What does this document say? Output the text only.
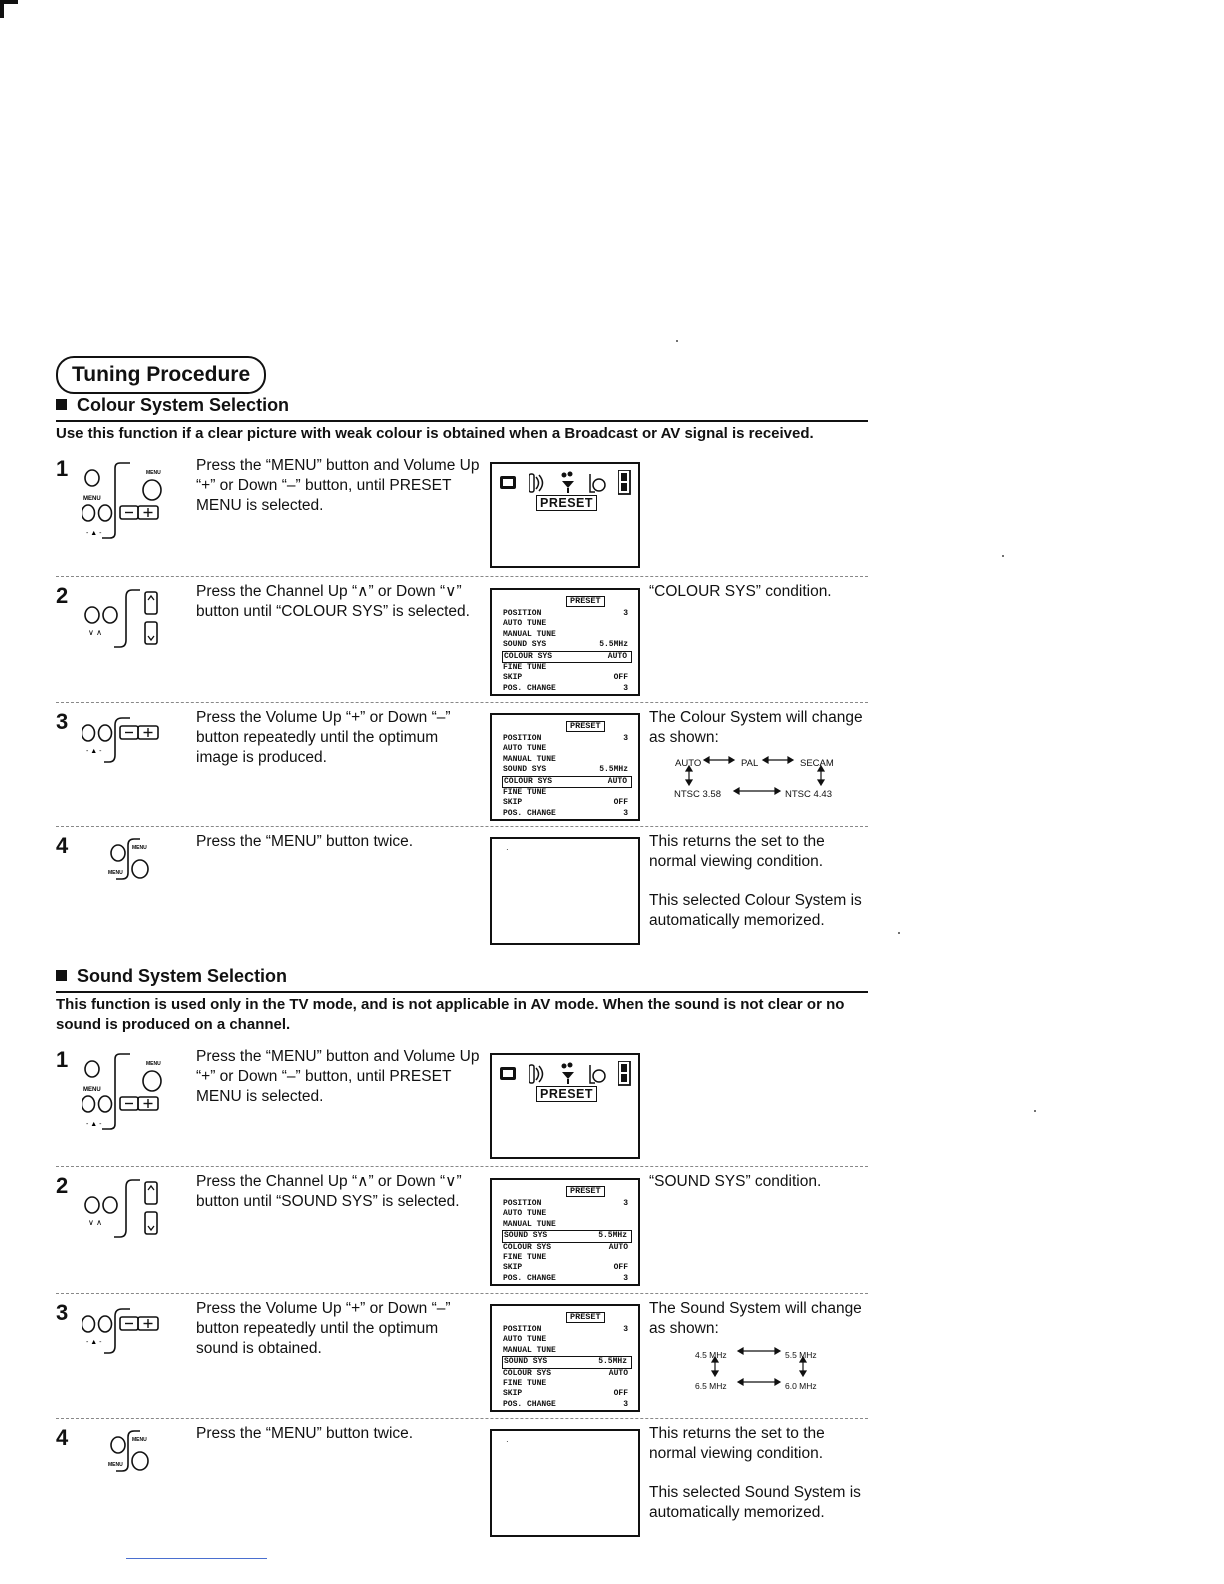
Tuning Procedure
Colour System Selection
Use this function if a clear picture with weak colour is obtained when a Broadcast or AV signal is received.
1	Press the “MENU” button and Volume Up “+” or Down “–” button, until PRESET MENU is selected.	PRESET
2	Press the Channel Up “∧” or Down “∨” button until “COLOUR SYS” is selected.
PRESET
POSITION	3
AUTO TUNE
MANUAL TUNE
SOUND SYS	5.5MHz
COLOUR SYS	AUTO
FINE TUNE
SKIP	OFF
POS. CHANGE	3
“COLOUR SYS” condition.
3	Press the Volume Up “+” or Down “–” button repeatedly until the optimum image is produced.
PRESET
POSITION	3
AUTO TUNE
MANUAL TUNE
SOUND SYS	5.5MHz
COLOUR SYS	AUTO
FINE TUNE
SKIP	OFF
POS. CHANGE	3
The Colour System will change as shown:
AUTO	PAL	SECAM
NTSC 3.58	NTSC 4.43
4	Press the “MENU” button twice.	·	This returns the set to the normal viewing condition.

This selected Colour System is automatically memorized.

Sound System Selection
This function is used only in the TV mode, and is not applicable in AV mode. When the sound is not clear or no sound is produced on a channel.
1	Press the “MENU” button and Volume Up “+” or Down “–” button, until PRESET MENU is selected.	PRESET
2	Press the Channel Up “∧” or Down “∨” button until “SOUND SYS” is selected.
PRESET
POSITION	3
AUTO TUNE
MANUAL TUNE
SOUND SYS	5.5MHz
COLOUR SYS	AUTO
FINE TUNE
SKIP	OFF
POS. CHANGE	3
“SOUND SYS” condition.
3	Press the Volume Up “+” or Down “–” button repeatedly until the optimum sound is obtained.
PRESET
POSITION	3
AUTO TUNE
MANUAL TUNE
SOUND SYS	5.5MHz
COLOUR SYS	AUTO
FINE TUNE
SKIP	OFF
POS. CHANGE	3
The Sound System will change as shown:
4.5 MHz	5.5 MHz
6.5 MHz	6.0 MHz
4	Press the “MENU” button twice.	·	This returns the set to the normal viewing condition.

This selected Sound System is automatically memorized.
